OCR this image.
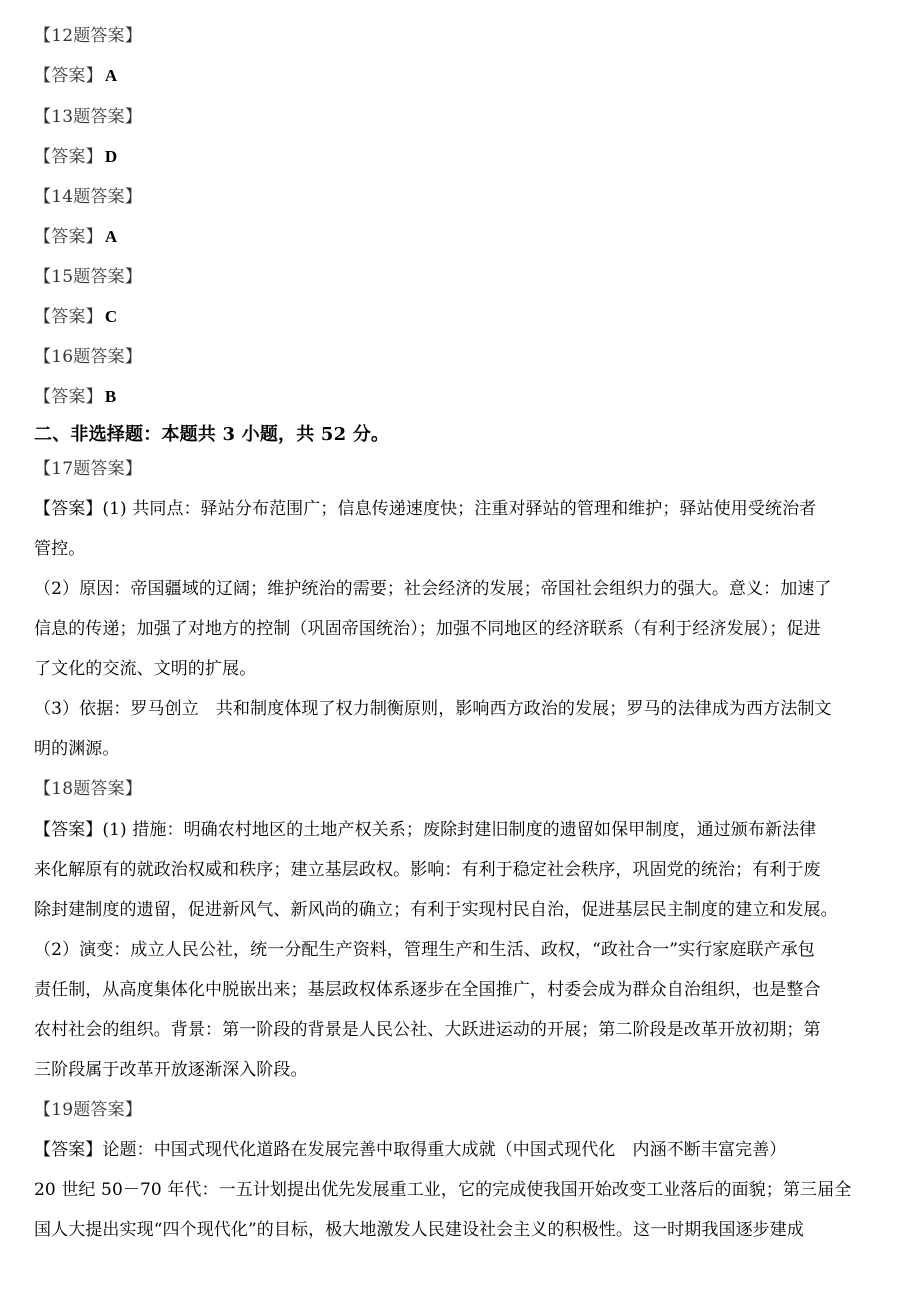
【12题答案】
【答案】 A
【13题答案】
【答案】 D
【14题答案】
【答案】 A
【15题答案】
【答案】 C
【16题答案】
【答案】 B
二、非选择题：本题共 3 小题，共 52 分。
【17题答案】
【答案】(1) 共同点：驿站分布范围广；信息传递速度快；注重对驿站的管理和维护；驿站使用受统治者
管控。
（2）原因：帝国疆域的辽阔；维护统治的需要；社会经济的发展；帝国社会组织力的强大。意义：加速了
信息的传递；加强了对地方的控制（巩固帝国统治）；加强不同地区的经济联系（有利于经济发展）；促进
了文化的交流、文明的扩展。
（3）依据：罗马创立　共和制度体现了权力制衡原则，影响西方政治的发展；罗马的法律成为西方法制文
明的渊源。
【18题答案】
【答案】(1) 措施：明确农村地区的土地产权关系；废除封建旧制度的遗留如保甲制度，通过颁布新法律
来化解原有的就政治权威和秩序；建立基层政权。影响：有利于稳定社会秩序，巩固党的统治；有利于废
除封建制度的遗留，促进新风气、新风尚的确立；有利于实现村民自治，促进基层民主制度的建立和发展。
（2）演变：成立人民公社，统一分配生产资料，管理生产和生活、政权，“政社合一”实行家庭联产承包
责任制，从高度集体化中脱嵌出来；基层政权体系逐步在全国推广，村委会成为群众自治组织，也是整合
农村社会的组织。背景：第一阶段的背景是人民公社、大跃进运动的开展；第二阶段是改革开放初期；第
三阶段属于改革开放逐渐深入阶段。
【19题答案】
【答案】论题：中国式现代化道路在发展完善中取得重大成就（中国式现代化　内涵不断丰富完善）
20 世纪 50－70 年代：一五计划提出优先发展重工业，它的完成使我国开始改变工业落后的面貌；第三届全
国人大提出实现“四个现代化”的目标，极大地激发人民建设社会主义的积极性。这一时期我国逐步建成
